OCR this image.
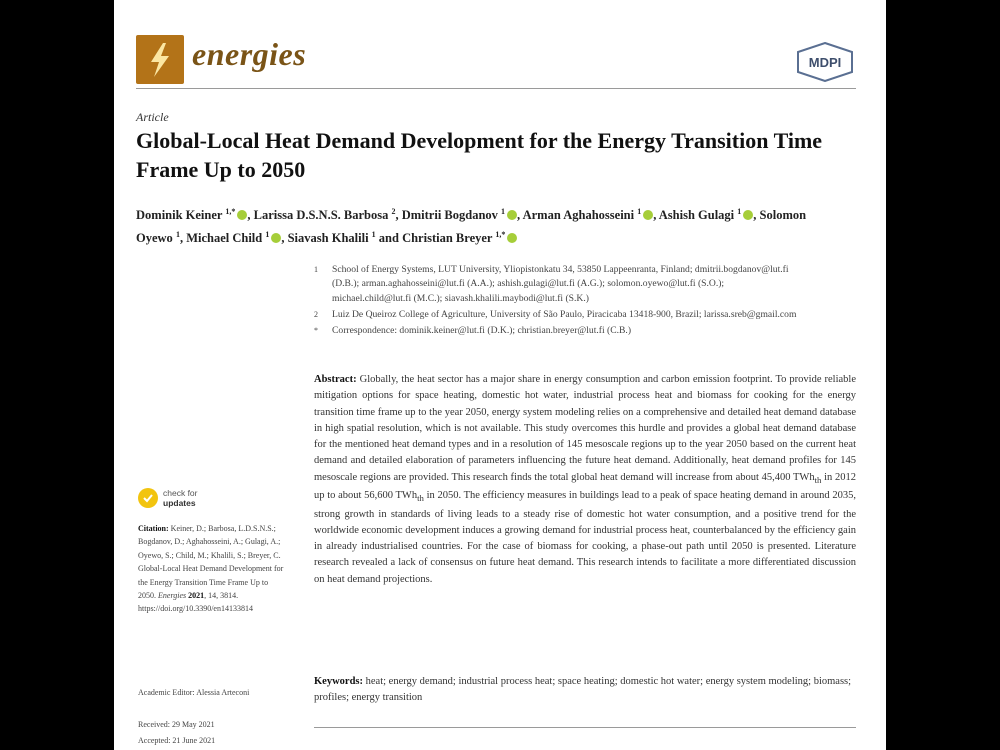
energies	MDPI
Article
Global-Local Heat Demand Development for the Energy Transition Time Frame Up to 2050
Dominik Keiner $^{1,*}$ , Larissa D.S.N.S. Barbosa $^2$, Dmitrii Bogdanov $^1$ , Arman Aghahosseini $^1$ , Ashish Gulagi $^1$ , Solomon Oyewo $^1$, Michael Child $^1$ , Siavash Khalili $^1$ and Christian Breyer $^{1,*}$
1 School of Energy Systems, LUT University, Yliopistonkatu 34, 53850 Lappeenranta, Finland; dmitrii.bogdanov@lut.fi (D.B.); arman.aghahosseini@lut.fi (A.A.); ashish.gulagi@lut.fi (A.G.); solomon.oyewo@lut.fi (S.O.); michael.child@lut.fi (M.C.); siavash.khalili.maybodi@lut.fi (S.K.)
2 Luiz De Queiroz College of Agriculture, University of São Paulo, Piracicaba 13418-900, Brazil; larissa.sreb@gmail.com
* Correspondence: dominik.keiner@lut.fi (D.K.); christian.breyer@lut.fi (C.B.)

Abstract: Globally, the heat sector has a major share in energy consumption and carbon emission footprint. To provide reliable mitigation options for space heating, domestic hot water, industrial process heat and biomass for cooking for the energy transition time frame up to the year 2050, energy system modeling relies on a comprehensive and detailed heat demand database in high spatial resolution, which is not available. This study overcomes this hurdle and provides a global heat demand database for the mentioned heat demand types and in a resolution of 145 mesoscale regions up to the year 2050 based on the current heat demand and detailed elaboration of parameters influencing the future heat demand. Additionally, heat demand profiles for 145 mesoscale regions are provided. This research finds the total global heat demand will increase from about 45,400 TWh$_{th}$ in 2012 up to about 56,600 TWh$_{th}$ in 2050. The efficiency measures in buildings lead to a peak of space heating demand in around 2035, strong growth in standards of living leads to a steady rise of domestic hot water consumption, and a positive trend for the worldwide economic development induces a growing demand for industrial process heat, counterbalanced by the efficiency gain in already industrialised countries. For the case of biomass for cooking, a phase-out path until 2050 is presented. Literature research revealed a lack of consensus on future heat demand. This research intends to facilitate a more differentiated discussion on heat demand projections.

Keywords: heat; energy demand; industrial process heat; space heating; domestic hot water; energy system modeling; biomass; profiles; energy transition

check for
updates
Citation: Keiner, D.; Barbosa, L.D.S.N.S.; Bogdanov, D.; Aghahosseini, A.; Gulagi, A.; Oyewo, S.; Child, M.; Khalili, S.; Breyer, C. Global-Local Heat Demand Development for the Energy Transition Time Frame Up to 2050. Energies 2021, 14, 3814. https://doi.org/10.3390/en14133814
Academic Editor: Alessia Arteconi
Received: 29 May 2021
Accepted: 21 June 2021
